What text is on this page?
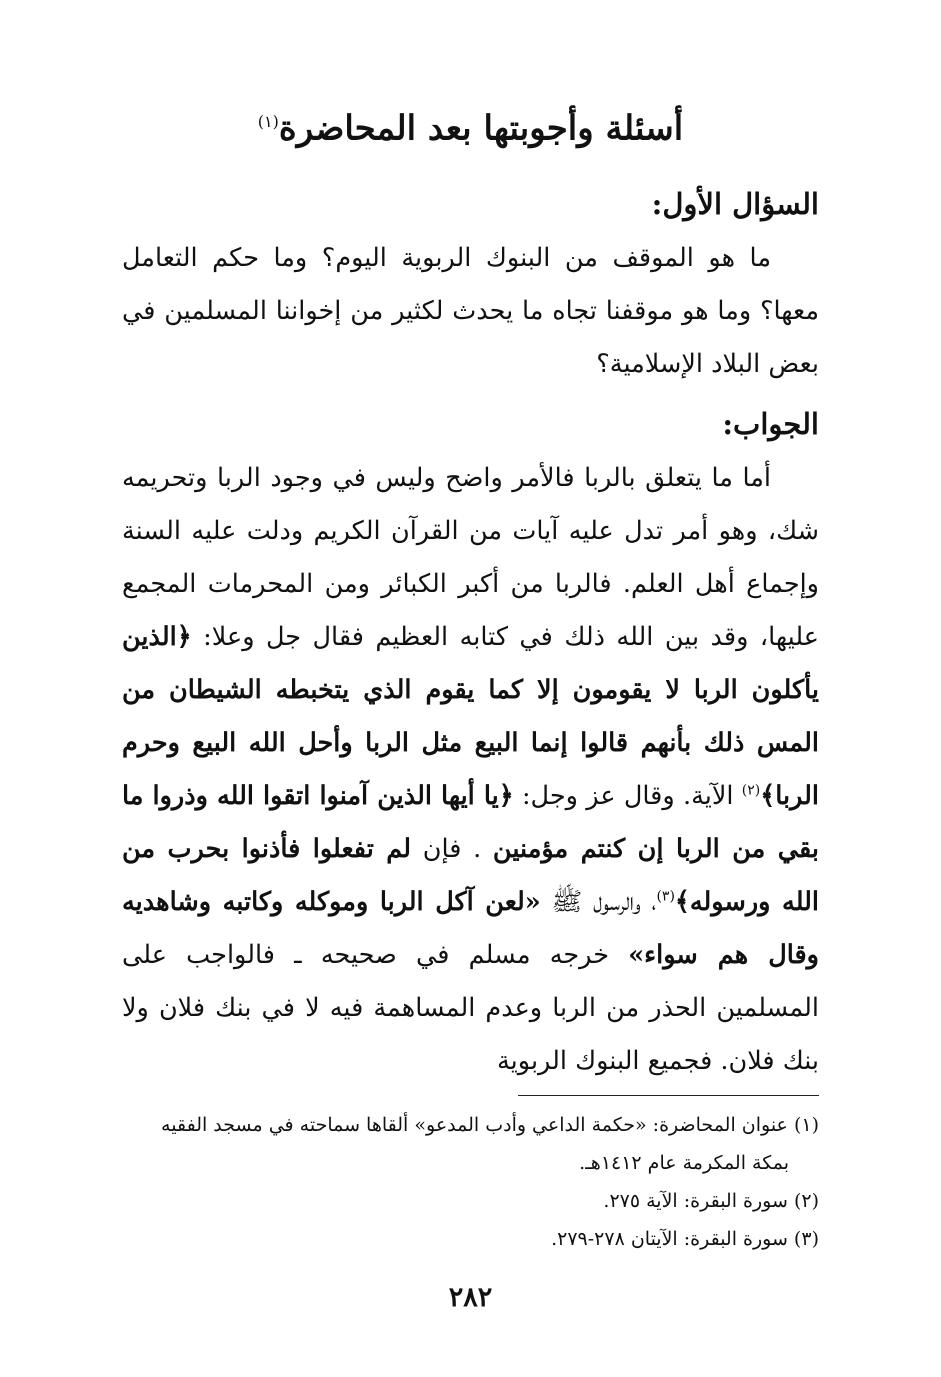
أسئلة وأجوبتها بعد المحاضرة$^{(١)}$
السؤال الأول:

ما هو الموقف من البنوك الربوية اليوم؟ وما حكم التعامل معها؟ وما هو موقفنا تجاه ما يحدث لكثير من إخواننا المسلمين في بعض البلاد الإسلامية؟

الجواب:

أما ما يتعلق بالربا فالأمر واضح وليس في وجود الربا وتحريمه شك، وهو أمر تدل عليه آيات من القرآن الكريم ودلت عليه السنة وإجماع أهل العلم. فالربا من أكبر الكبائر ومن المحرمات المجمع عليها، وقد بين الله ذلك في كتابه العظيم فقال جل وعلا: ﴿الذين يأكلون الربا لا يقومون إلا كما يقوم الذي يتخبطه الشيطان من المس ذلك بأنهم قالوا إنما البيع مثل الربا وأحل الله البيع وحرم الربا﴾$^{(٢)}$ الآية. وقال عز وجل: ﴿يا أيها الذين آمنوا اتقوا الله وذروا ما بقي من الربا إن كنتم مؤمنين . فإن لم تفعلوا فأذنوا بحرب من الله ورسوله﴾$^{(٣)}$، والرسول ﷺ «لعن آكل الربا وموكله وكاتبه وشاهديه وقال هم سواء» خرجه مسلم في صحيحه ـ فالواجب على المسلمين الحذر من الربا وعدم المساهمة فيه لا في بنك فلان ولا بنك فلان. فجميع البنوك الربوية

(١) عنوان المحاضرة: «حكمة الداعي وأدب المدعو» ألقاها سماحته في مسجد الفقيه بمكة المكرمة عام ١٤١٢هـ.

(٢) سورة البقرة: الآية ٢٧٥.

(٣) سورة البقرة: الآيتان ٢٧٨-٢٧٩.

٢٨٢
